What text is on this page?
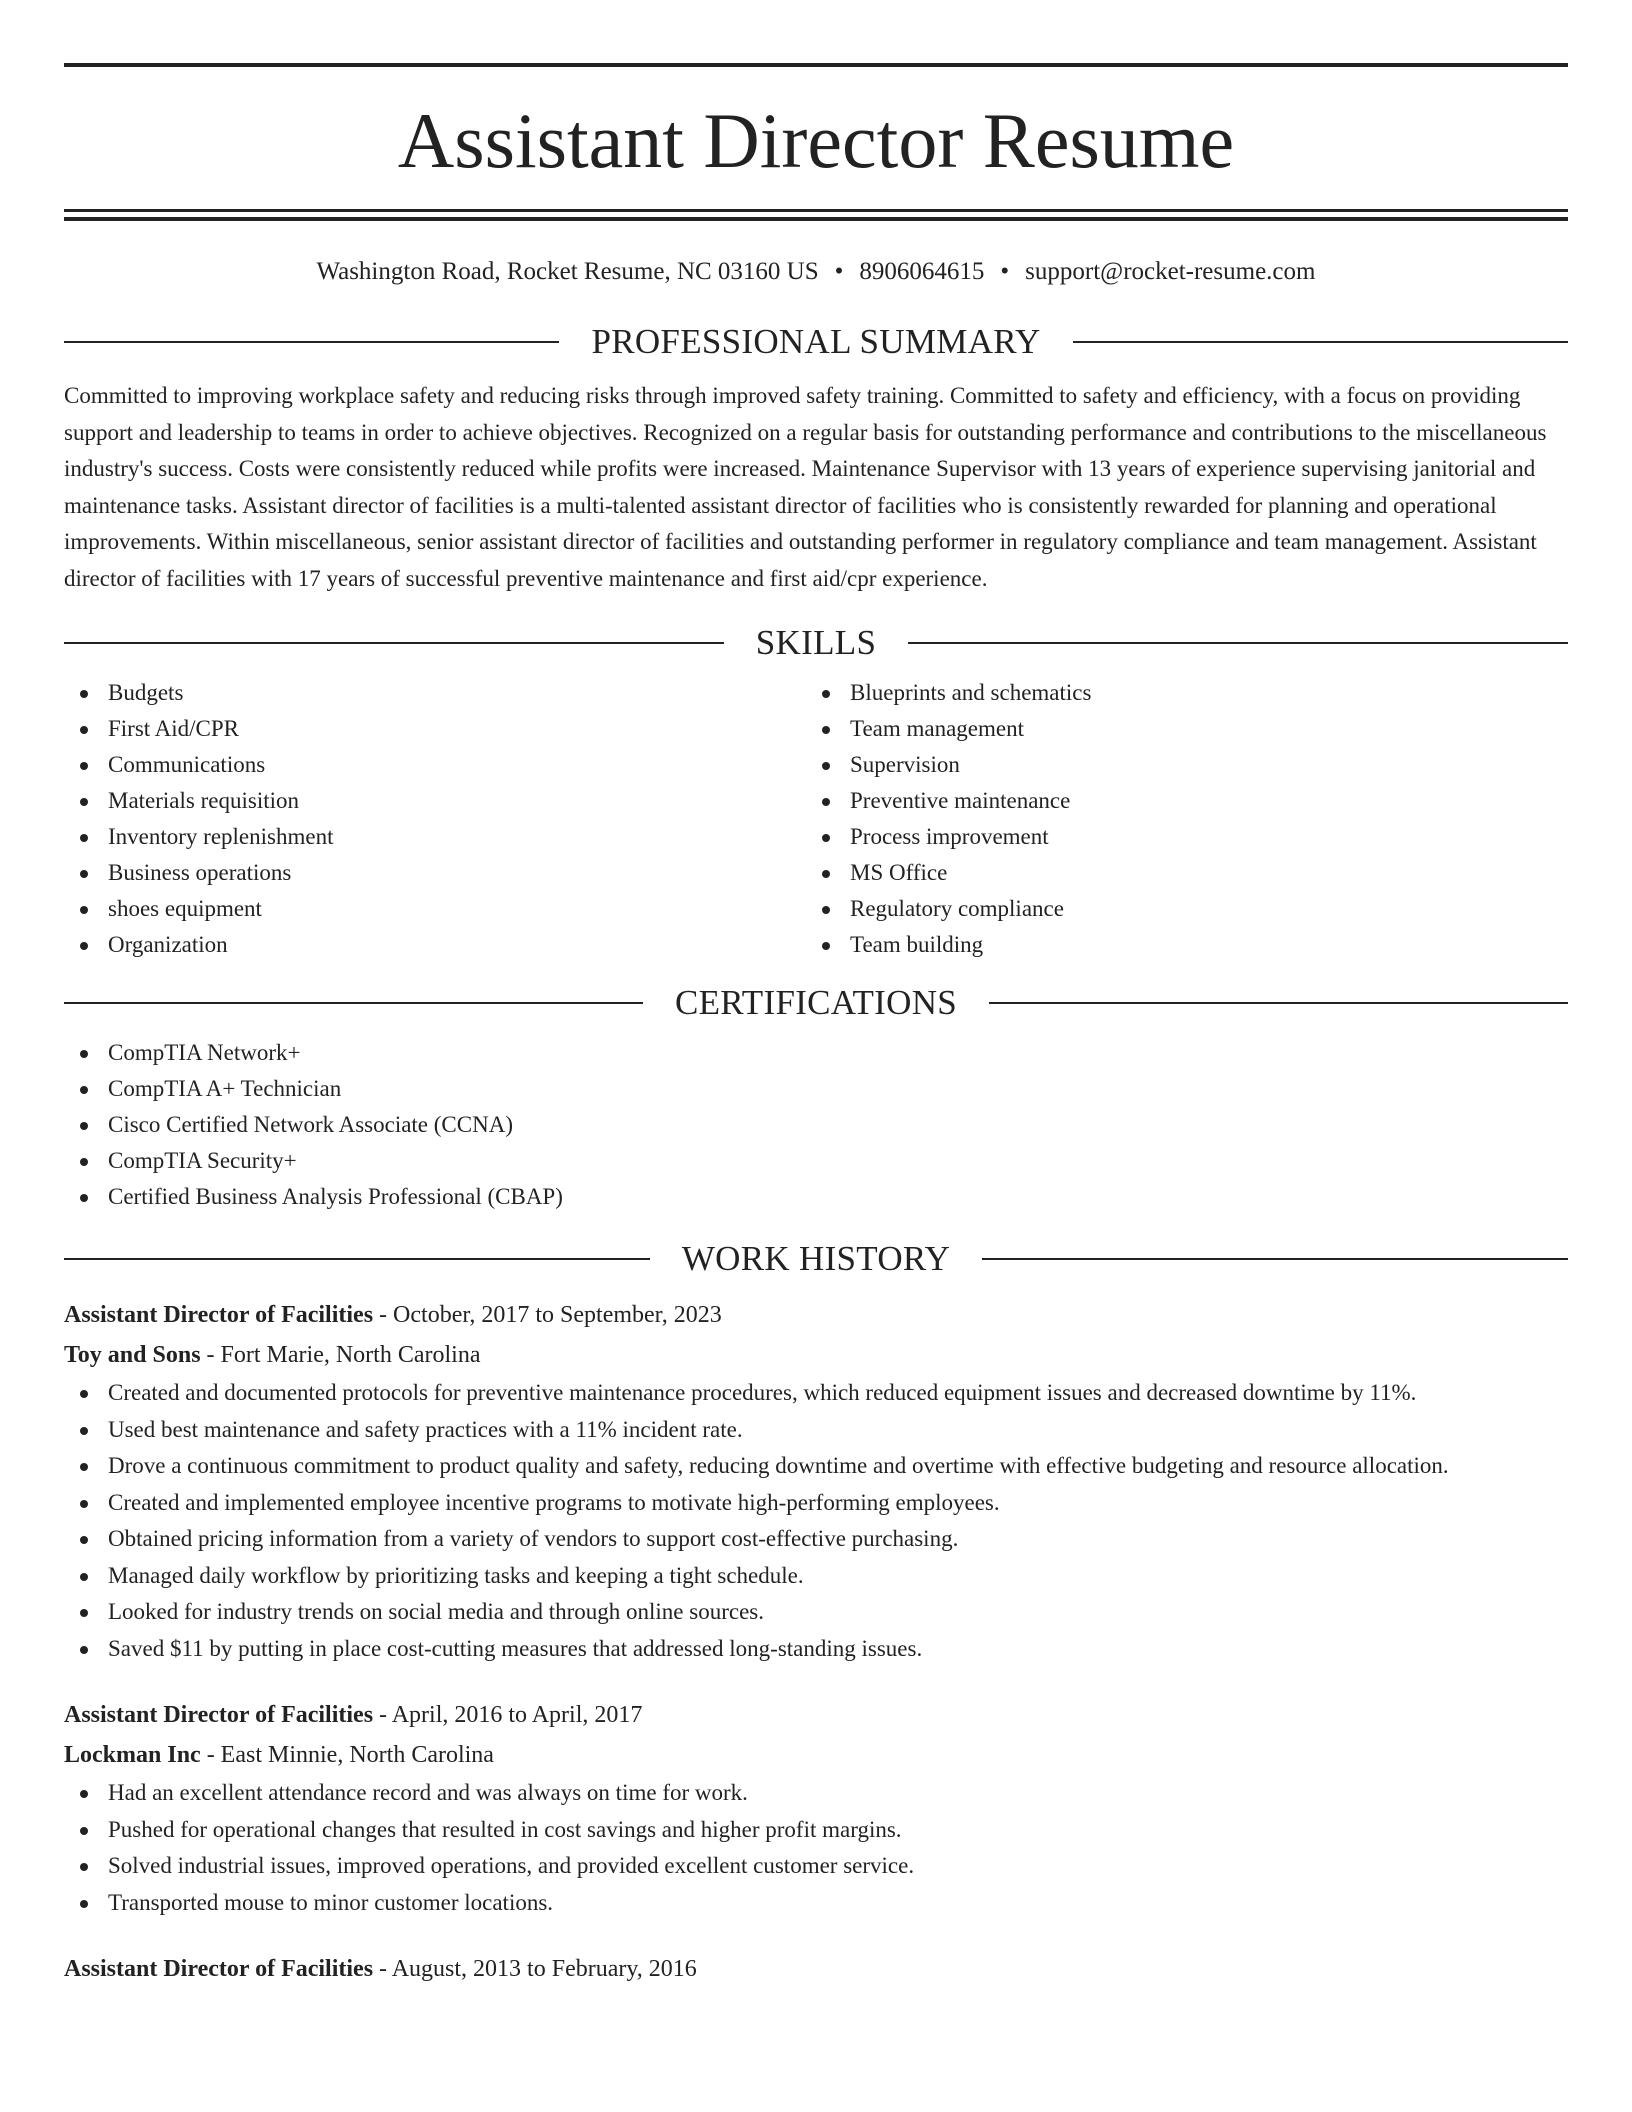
Assistant Director Resume
Washington Road, Rocket Resume, NC 03160 US • 8906064615 • support@rocket-resume.com
PROFESSIONAL SUMMARY

Committed to improving workplace safety and reducing risks through improved safety training. Committed to safety and efficiency, with a focus on providing support and leadership to teams in order to achieve objectives. Recognized on a regular basis for outstanding performance and contributions to the miscellaneous industry's success. Costs were consistently reduced while profits were increased. Maintenance Supervisor with 13 years of experience supervising janitorial and maintenance tasks. Assistant director of facilities is a multi-talented assistant director of facilities who is consistently rewarded for planning and operational improvements. Within miscellaneous, senior assistant director of facilities and outstanding performer in regulatory compliance and team management. Assistant director of facilities with 17 years of successful preventive maintenance and first aid/cpr experience.

SKILLS
Budgets
First Aid/CPR
Communications
Materials requisition
Inventory replenishment
Business operations
shoes equipment
Organization
Blueprints and schematics
Team management
Supervision
Preventive maintenance
Process improvement
MS Office
Regulatory compliance
Team building
CERTIFICATIONS
CompTIA Network+
CompTIA A+ Technician
Cisco Certified Network Associate (CCNA)
CompTIA Security+
Certified Business Analysis Professional (CBAP)
WORK HISTORY
Assistant Director of Facilities - October, 2017 to September, 2023
Toy and Sons - Fort Marie, North Carolina
Created and documented protocols for preventive maintenance procedures, which reduced equipment issues and decreased downtime by 11%.
Used best maintenance and safety practices with a 11% incident rate.
Drove a continuous commitment to product quality and safety, reducing downtime and overtime with effective budgeting and resource allocation.
Created and implemented employee incentive programs to motivate high-performing employees.
Obtained pricing information from a variety of vendors to support cost-effective purchasing.
Managed daily workflow by prioritizing tasks and keeping a tight schedule.
Looked for industry trends on social media and through online sources.
Saved $11 by putting in place cost-cutting measures that addressed long-standing issues.
Assistant Director of Facilities - April, 2016 to April, 2017
Lockman Inc - East Minnie, North Carolina
Had an excellent attendance record and was always on time for work.
Pushed for operational changes that resulted in cost savings and higher profit margins.
Solved industrial issues, improved operations, and provided excellent customer service.
Transported mouse to minor customer locations.
Assistant Director of Facilities - August, 2013 to February, 2016
